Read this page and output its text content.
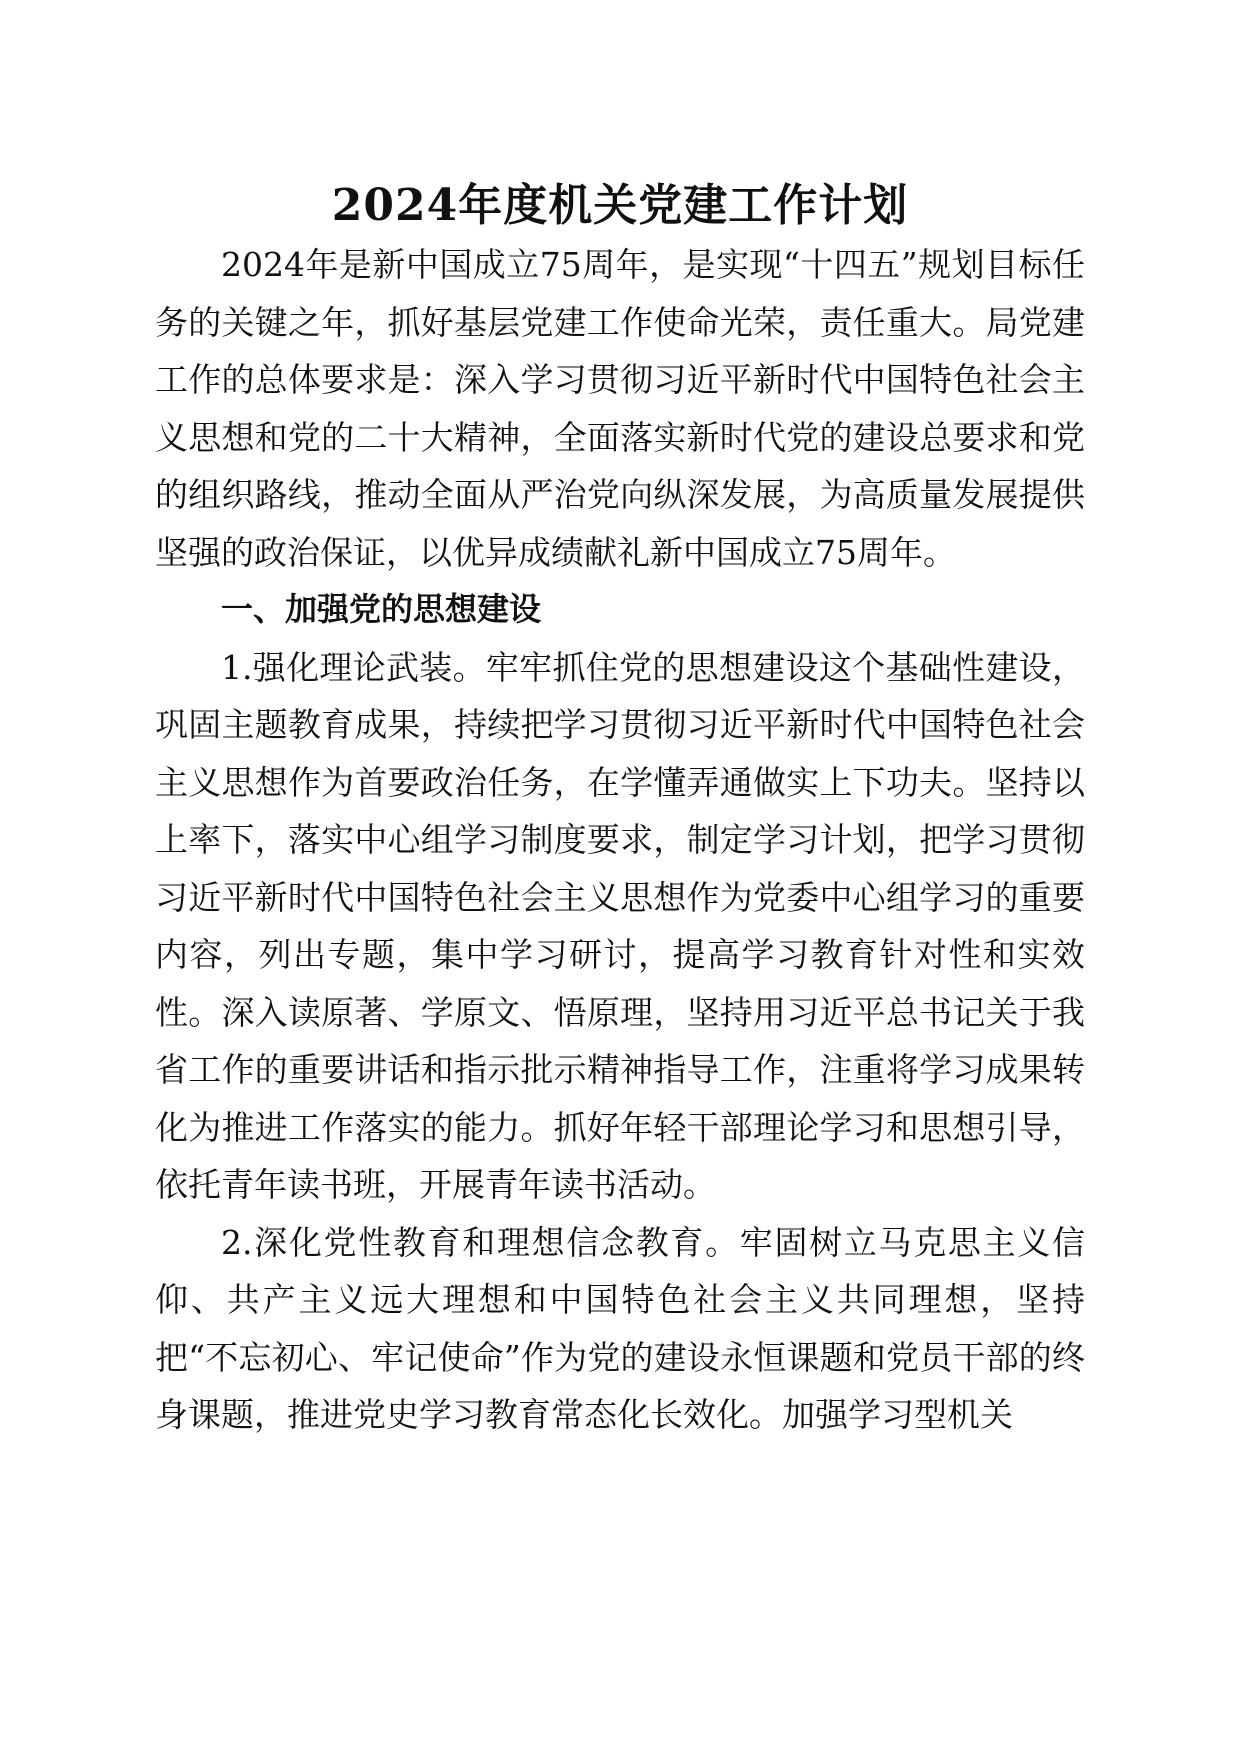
2024年度机关党建工作计划

2024年是新中国成立75周年，是实现“十四五”规划目标任务的关键之年，抓好基层党建工作使命光荣，责任重大。局党建工作的总体要求是：深入学习贯彻习近平新时代中国特色社会主义思想和党的二十大精神，全面落实新时代党的建设总要求和党的组织路线，推动全面从严治党向纵深发展，为高质量发展提供坚强的政治保证，以优异成绩献礼新中国成立75周年。

一、加强党的思想建设

1.强化理论武装。牢牢抓住党的思想建设这个基础性建设，巩固主题教育成果，持续把学习贯彻习近平新时代中国特色社会主义思想作为首要政治任务，在学懂弄通做实上下功夫。坚持以上率下，落实中心组学习制度要求，制定学习计划，把学习贯彻习近平新时代中国特色社会主义思想作为党委中心组学习的重要内容，列出专题，集中学习研讨，提高学习教育针对性和实效性。深入读原著、学原文、悟原理，坚持用习近平总书记关于我省工作的重要讲话和指示批示精神指导工作，注重将学习成果转化为推进工作落实的能力。抓好年轻干部理论学习和思想引导，依托青年读书班，开展青年读书活动。

2.深化党性教育和理想信念教育。牢固树立马克思主义信仰、共产主义远大理想和中国特色社会主义共同理想，坚持把“不忘初心、牢记使命”作为党的建设永恒课题和党员干部的终身课题，推进党史学习教育常态化长效化。加强学习型机关
